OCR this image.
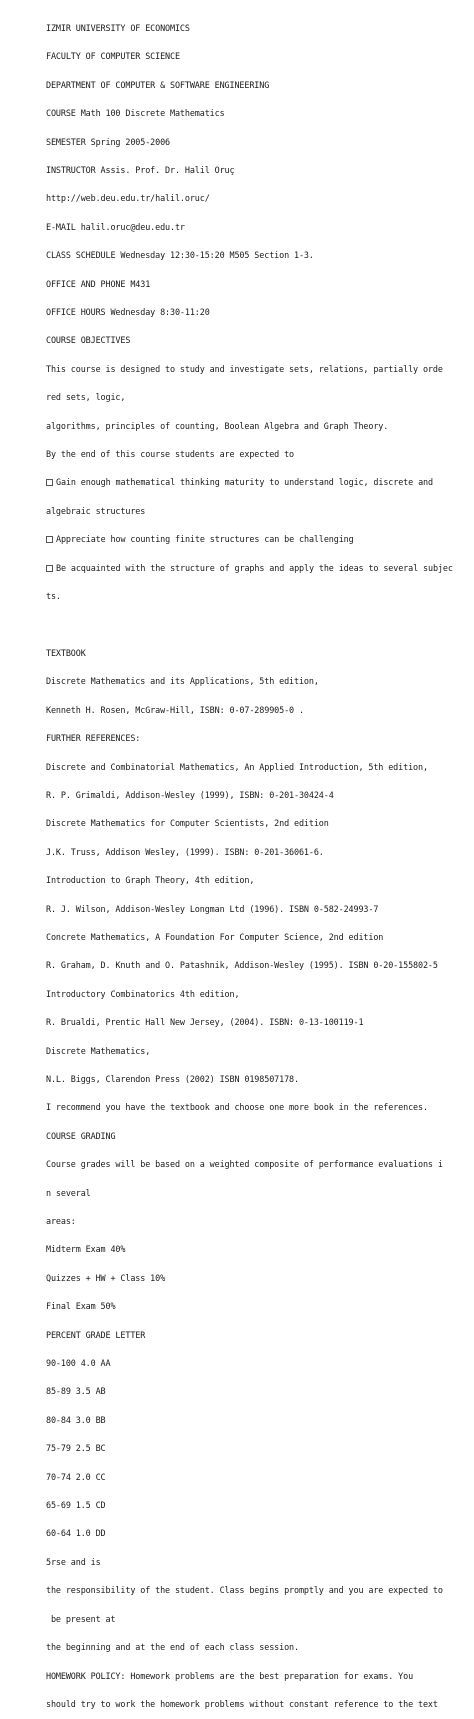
IZMIR UNIVERSITY OF ECONOMICS

FACULTY OF COMPUTER SCIENCE

DEPARTMENT OF COMPUTER & SOFTWARE ENGINEERING

COURSE Math 100 Discrete Mathematics

SEMESTER Spring 2005-2006

INSTRUCTOR Assis. Prof. Dr. Halil Oruç

http://web.deu.edu.tr/halil.oruc/

E-MAIL halil.oruc@deu.edu.tr

CLASS SCHEDULE Wednesday 12:30-15:20 M505 Section 1-3.

OFFICE AND PHONE M431

OFFICE HOURS Wednesday 8:30-11:20

COURSE OBJECTIVES

This course is designed to study and investigate sets, relations, partially orde

red sets, logic,

algorithms, principles of counting, Boolean Algebra and Graph Theory.

By the end of this course students are expected to

Gain enough mathematical thinking maturity to understand logic, discrete and

algebraic structures

Appreciate how counting finite structures can be challenging

Be acquainted with the structure of graphs and apply the ideas to several subjec

ts.

TEXTBOOK

Discrete Mathematics and its Applications, 5th edition,

Kenneth H. Rosen, McGraw-Hill, ISBN: 0-07-289905-0 .

FURTHER REFERENCES:

Discrete and Combinatorial Mathematics, An Applied Introduction, 5th edition,

R. P. Grimaldi, Addison-Wesley (1999), ISBN: 0-201-30424-4

Discrete Mathematics for Computer Scientists, 2nd edition

J.K. Truss, Addison Wesley, (1999). ISBN: 0-201-36061-6.

Introduction to Graph Theory, 4th edition,

R. J. Wilson, Addison-Wesley Longman Ltd (1996). ISBN 0-582-24993-7

Concrete Mathematics, A Foundation For Computer Science, 2nd edition

R. Graham, D. Knuth and O. Patashnik, Addison-Wesley (1995). ISBN 0-20-155802-5

Introductory Combinatorics 4th edition,

R. Brualdi, Prentic Hall New Jersey, (2004). ISBN: 0-13-100119-1

Discrete Mathematics,

N.L. Biggs, Clarendon Press (2002) ISBN 0198507178.

I recommend you have the textbook and choose one more book in the references.

COURSE GRADING

Course grades will be based on a weighted composite of performance evaluations i

n several

areas:

Midterm Exam 40%

Quizzes + HW + Class 10%

Final Exam 50%

PERCENT GRADE LETTER

90-100 4.0 AA

85-89 3.5 AB

80-84 3.0 BB

75-79 2.5 BC

70-74 2.0 CC

65-69 1.5 CD

60-64 1.0 DD

5rse and is

the responsibility of the student. Class begins promptly and you are expected to

be present at

the beginning and at the end of each class session.

HOMEWORK POLICY: Homework problems are the best preparation for exams. You

should try to work the homework problems without constant reference to the text
